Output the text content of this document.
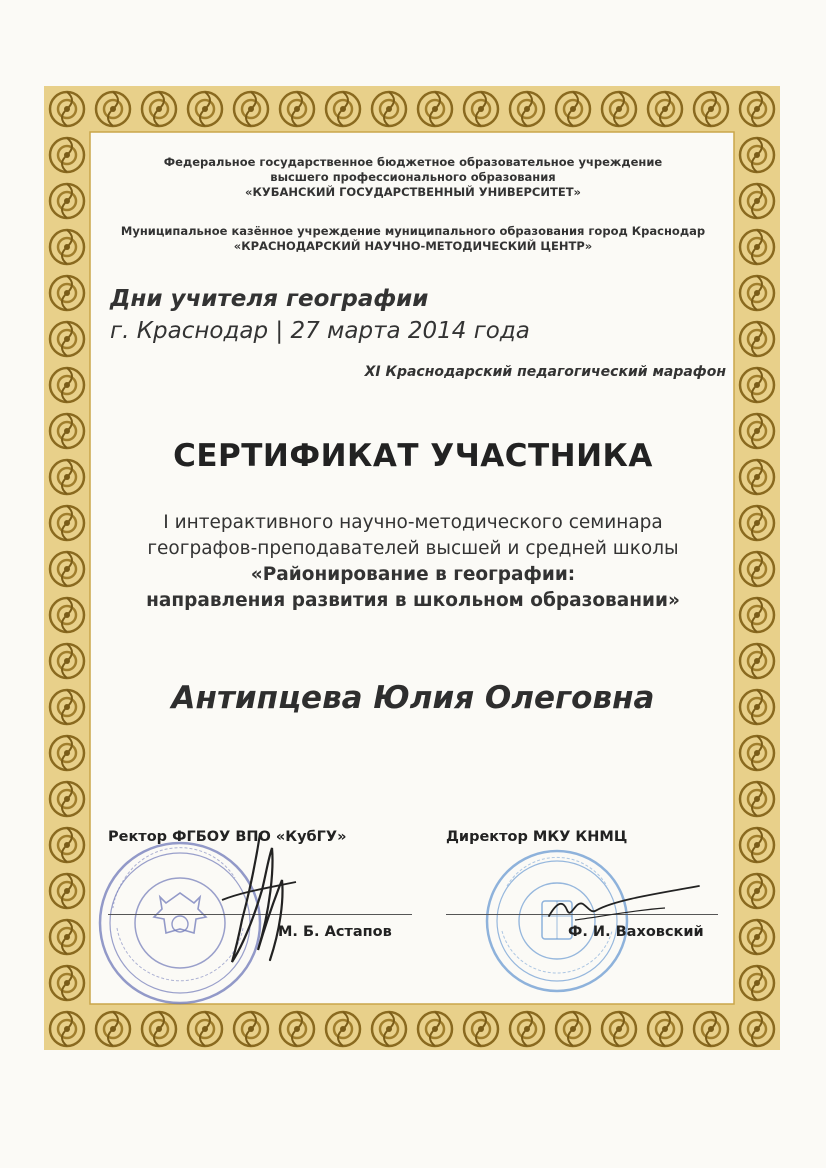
Федеральное государственное бюджетное образовательное учреждение
высшего профессионального образования
«КУБАНСКИЙ ГОСУДАРСТВЕННЫЙ УНИВЕРСИТЕТ»
Муниципальное казённое учреждение муниципального образования город Краснодар
«КРАСНОДАРСКИЙ НАУЧНО-МЕТОДИЧЕСКИЙ ЦЕНТР»
Дни учителя географии
г. Краснодар | 27 марта 2014 года
XI Краснодарский педагогический марафон
СЕРТИФИКАТ УЧАСТНИКА
I интерактивного научно-методического семинара
географов-преподавателей высшей и средней школы
«Районирование в географии:
направления развития в школьном образовании»
Антипцева Юлия Олеговна
Ректор ФГБОУ ВПО «КубГУ»
М. Б. Астапов
Директор МКУ КНМЦ
Ф. И. Ваховский
